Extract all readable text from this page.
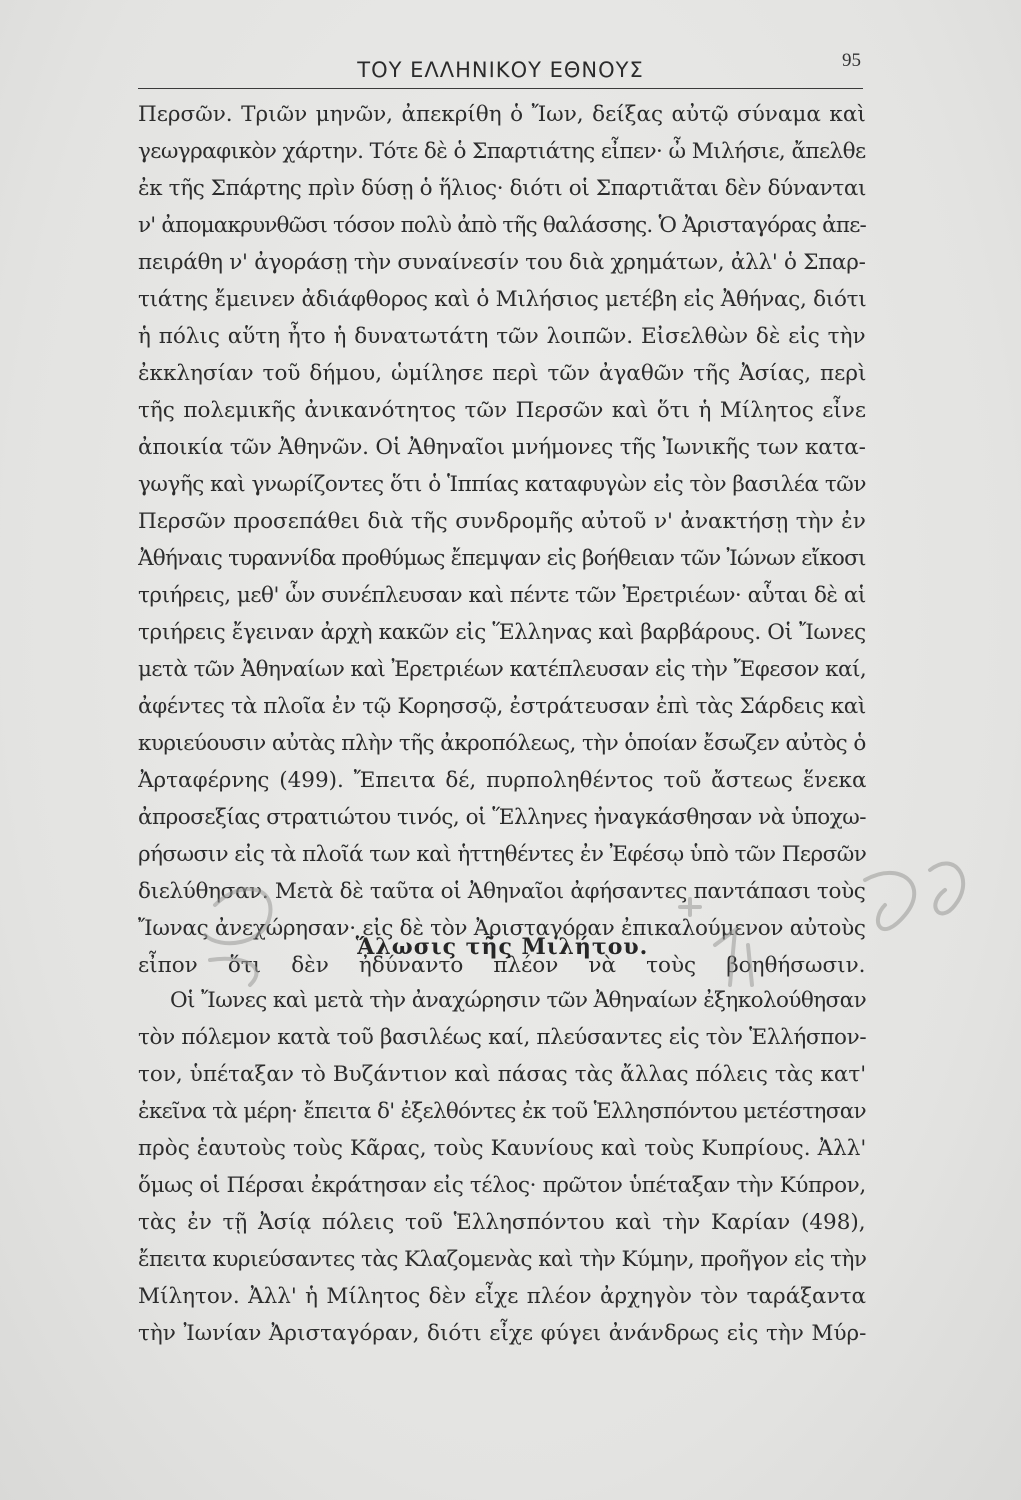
ΤΟΥ ΕΛΛΗΝΙΚΟΥ ΕΘΝΟΥΣ	95
Περσῶν. Τριῶν μηνῶν, ἀπεκρίθη ὁ Ἴων, δείξας αὐτῷ σύναμα καὶ
γεωγραφικὸν χάρτην. Τότε δὲ ὁ Σπαρτιάτης εἶπεν· ὦ Μιλήσιε, ἄπελθε
ἐκ τῆς Σπάρτης πρὶν δύσῃ ὁ ἥλιος· διότι οἱ Σπαρτιᾶται δὲν δύνανται
ν' ἀπομακρυνθῶσι τόσον πολὺ ἀπὸ τῆς θαλάσσης. Ὁ Ἀρισταγόρας ἀπε-
πειράθη ν' ἀγοράσῃ τὴν συναίνεσίν του διὰ χρημάτων, ἀλλ' ὁ Σπαρ-
τιάτης ἔμεινεν ἀδιάφθορος καὶ ὁ Μιλήσιος μετέβη εἰς Ἀθήνας, διότι
ἡ πόλις αὕτη ἦτο ἡ δυνατωτάτη τῶν λοιπῶν. Εἰσελθὼν δὲ εἰς τὴν
ἐκκλησίαν τοῦ δήμου, ὡμίλησε περὶ τῶν ἀγαθῶν τῆς Ἀσίας, περὶ
τῆς πολεμικῆς ἀνικανότητος τῶν Περσῶν καὶ ὅτι ἡ Μίλητος εἶνε
ἀποικία τῶν Ἀθηνῶν. Οἱ Ἀθηναῖοι μνήμονες τῆς Ἰωνικῆς των κατα-
γωγῆς καὶ γνωρίζοντες ὅτι ὁ Ἱππίας καταφυγὼν εἰς τὸν βασιλέα τῶν
Περσῶν προσεπάθει διὰ τῆς συνδρομῆς αὐτοῦ ν' ἀνακτήσῃ τὴν ἐν
Ἀθήναις τυραννίδα προθύμως ἔπεμψαν εἰς βοήθειαν τῶν Ἰώνων εἴκοσι
τριήρεις, μεθ' ὧν συνέπλευσαν καὶ πέντε τῶν Ἐρετριέων· αὗται δὲ αἱ
τριήρεις ἔγειναν ἀρχὴ κακῶν εἰς Ἕλληνας καὶ βαρβάρους. Οἱ Ἴωνες
μετὰ τῶν Ἀθηναίων καὶ Ἐρετριέων κατέπλευσαν εἰς τὴν Ἔφεσον καί,
ἀφέντες τὰ πλοῖα ἐν τῷ Κορησσῷ, ἐστράτευσαν ἐπὶ τὰς Σάρδεις καὶ
κυριεύουσιν αὐτὰς πλὴν τῆς ἀκροπόλεως, τὴν ὁποίαν ἔσωζεν αὐτὸς ὁ
Ἀρταφέρνης (499). Ἔπειτα δέ, πυρποληθέντος τοῦ ἄστεως ἕνεκα
ἀπροσεξίας στρατιώτου τινός, οἱ Ἕλληνες ἠναγκάσθησαν νὰ ὑποχω-
ρήσωσιν εἰς τὰ πλοῖά των καὶ ἡττηθέντες ἐν Ἐφέσῳ ὑπὸ τῶν Περσῶν
διελύθησαν. Μετὰ δὲ ταῦτα οἱ Ἀθηναῖοι ἀφήσαντες παντάπασι τοὺς
Ἴωνας ἀνεχώρησαν· εἰς δὲ τὸν Ἀρισταγόραν ἐπικαλούμενον αὐτοὺς
εἶπον ὅτι δὲν ἠδύναντο πλέον νὰ τοὺς βοηθήσωσιν.
Ἅλωσις τῆς Μιλήτου.
Οἱ Ἴωνες καὶ μετὰ τὴν ἀναχώρησιν τῶν Ἀθηναίων ἐξηκολούθησαν
τὸν πόλεμον κατὰ τοῦ βασιλέως καί, πλεύσαντες εἰς τὸν Ἑλλήσπον-
τον, ὑπέταξαν τὸ Βυζάντιον καὶ πάσας τὰς ἄλλας πόλεις τὰς κατ'
ἐκεῖνα τὰ μέρη· ἔπειτα δ' ἐξελθόντες ἐκ τοῦ Ἑλλησπόντου μετέστησαν
πρὸς ἑαυτοὺς τοὺς Κᾶρας, τοὺς Καυνίους καὶ τοὺς Κυπρίους. Ἀλλ'
ὅμως οἱ Πέρσαι ἐκράτησαν εἰς τέλος· πρῶτον ὑπέταξαν τὴν Κύπρον,
τὰς ἐν τῇ Ἀσίᾳ πόλεις τοῦ Ἑλλησπόντου καὶ τὴν Καρίαν (498),
ἔπειτα κυριεύσαντες τὰς Κλαζομενὰς καὶ τὴν Κύμην, προῆγον εἰς τὴν
Μίλητον. Ἀλλ' ἡ Μίλητος δὲν εἶχε πλέον ἀρχηγὸν τὸν ταράξαντα
τὴν Ἰωνίαν Ἀρισταγόραν, διότι εἶχε φύγει ἀνάνδρως εἰς τὴν Μύρ-
